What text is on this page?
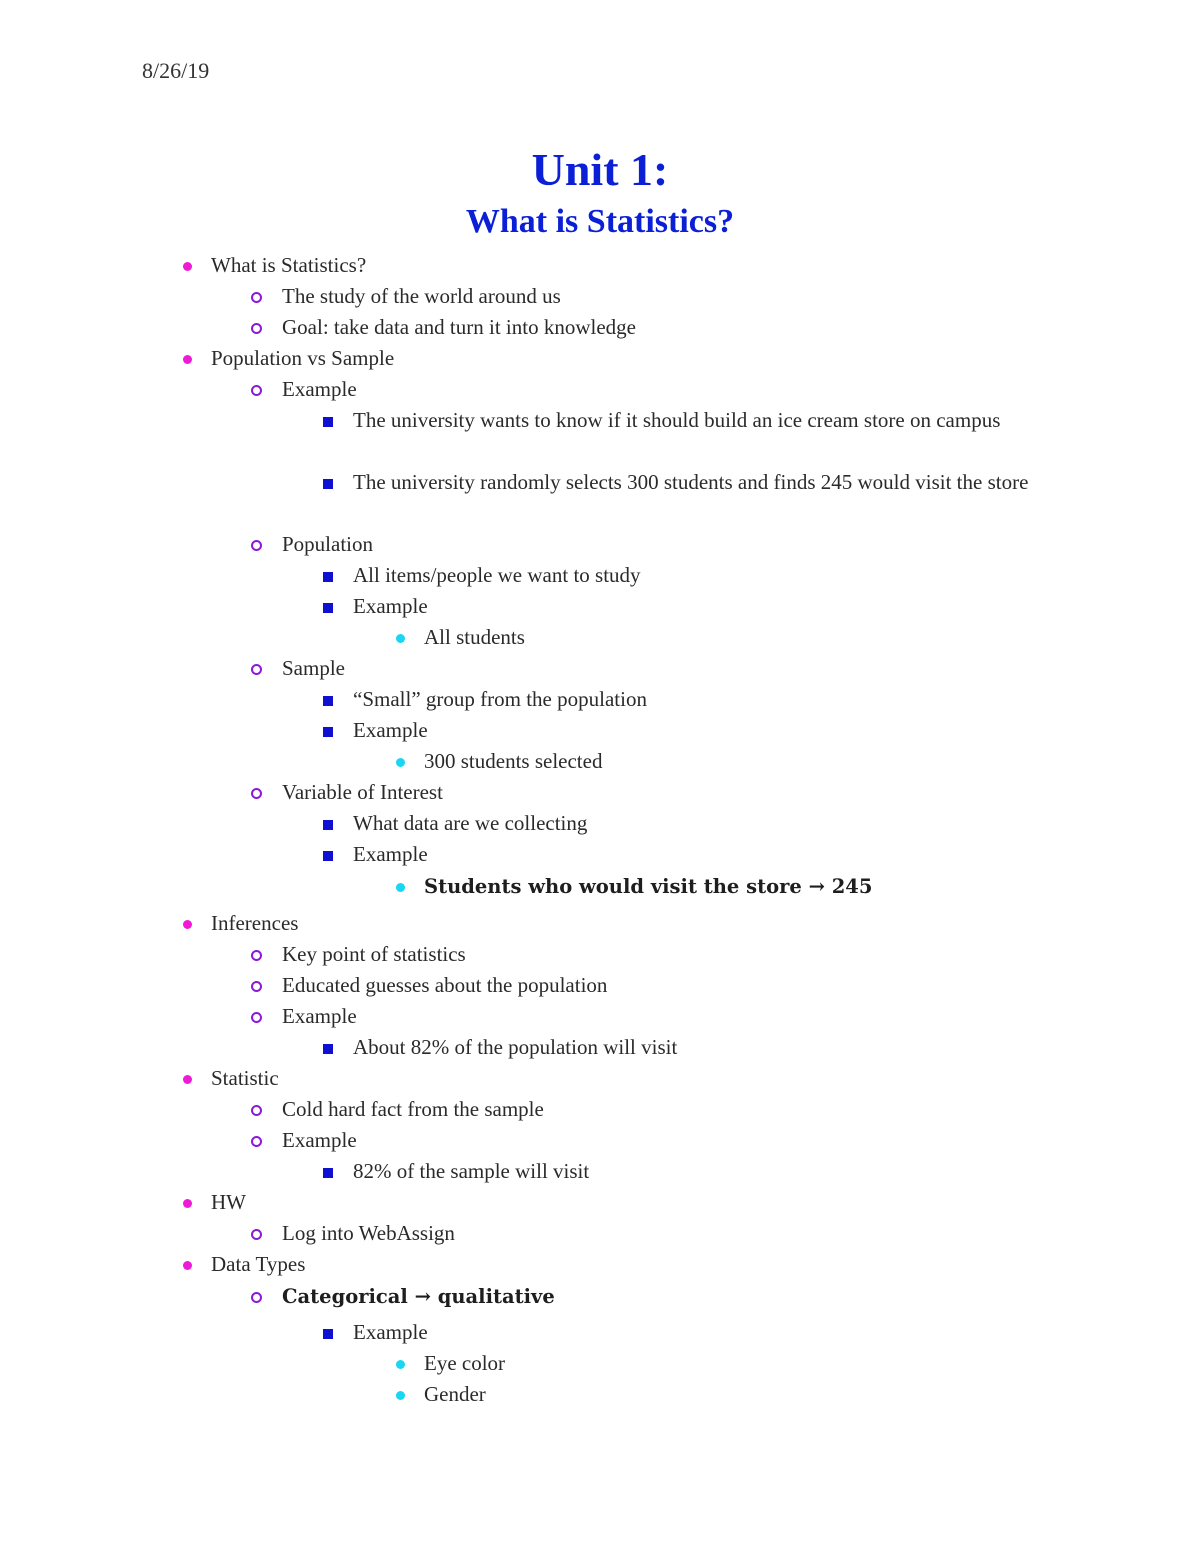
8/26/19
Unit 1:
What is Statistics?
What is Statistics?
The study of the world around us
Goal: take data and turn it into knowledge
Population vs Sample
Example
The university wants to know if it should build an ice cream store on campus
The university randomly selects 300 students and finds 245 would visit the store
Population
All items/people we want to study
Example
All students
Sample
“Small” group from the population
Example
300 students selected
Variable of Interest
What data are we collecting
Example
Students who would visit the store → 245
Inferences
Key point of statistics
Educated guesses about the population
Example
About 82% of the population will visit
Statistic
Cold hard fact from the sample
Example
82% of the sample will visit
HW
Log into WebAssign
Data Types
Categorical → qualitative
Example
Eye color
Gender
